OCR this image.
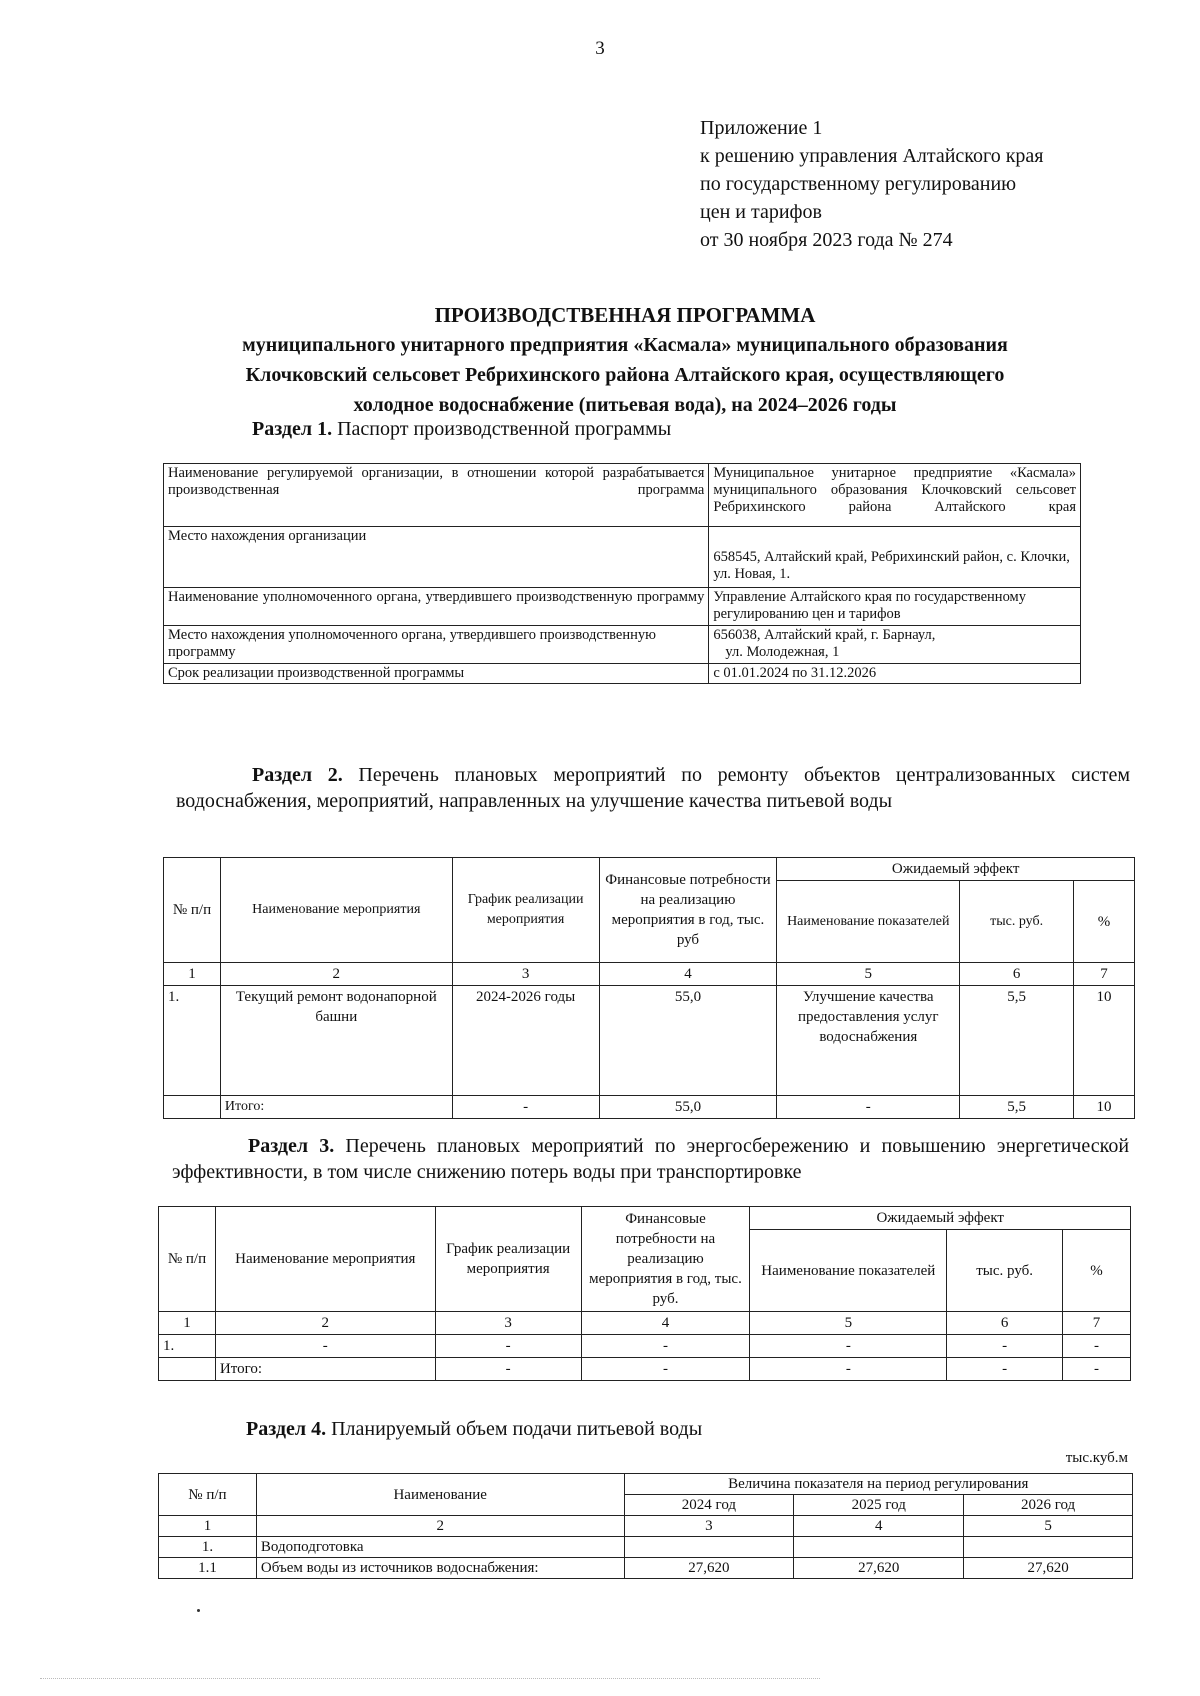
3
Приложение 1
к решению управления Алтайского края
по государственному регулированию
цен и тарифов
от 30 ноября 2023 года № 274
ПРОИЗВОДСТВЕННАЯ ПРОГРАММА
муниципального унитарного предприятия «Касмала» муниципального образования
Клочковский сельсовет Ребрихинского района Алтайского края, осуществляющего
холодное водоснабжение (питьевая вода), на 2024–2026 годы
Раздел 1. Паспорт производственной программы
Наименование регулируемой организации, в отношении которой разрабатывается производственная программа	Муниципальное унитарное предприятие «Касмала» муниципального образования Клочковский сельсовет Ребрихинского района Алтайского края
Место нахождения организации	658545, Алтайский край, Ребрихинский район, с. Клочки, ул. Новая, 1.
Наименование уполномоченного органа, утвердившего производственную программу	Управление Алтайского края по государственному регулированию цен и тарифов
Место нахождения уполномоченного органа, утвердившего производственную программу	656038, Алтайский край, г. Барнаул,
ул. Молодежная, 1

Срок реализации производственной программы	с 01.01.2024 по 31.12.2026
Раздел 2. Перечень плановых мероприятий по ремонту объектов централизованных систем водоснабжения, мероприятий, направленных на улучшение качества питьевой воды
№ п/п	Наименование мероприятия	График реализации мероприятия	Финансовые потребности на реализацию мероприятия в год, тыс. руб	Ожидаемый эффект		
				Наименование показателей	тыс. руб.	%
1	2	3	4	5	6	7
1.	Текущий ремонт водонапорной башни	2024-2026 годы	55,0	Улучшение качества предоставления услуг водоснабжения	5,5	10
	Итого:	-	55,0	-	5,5	10
Раздел 3. Перечень плановых мероприятий по энергосбережению и повышению энергетической эффективности, в том числе снижению потерь воды при транспортировке
№ п/п	Наименование мероприятия	График реализации мероприятия	Финансовые потребности на реализацию мероприятия в год, тыс. руб.	Ожидаемый эффект		
				Наименование показателей	тыс. руб.	%
1	2	3	4	5	6	7
1.	-	-	-	-	-	-
	Итого:	-	-	-	-	-
Раздел 4. Планируемый объем подачи питьевой воды
тыс.куб.м
№ п/п	Наименование	Величина показателя на период регулирования		
		2024 год	2025 год	2026 год
1	2	3	4	5
1.	Водоподготовка			
1.1	Объем воды из источников водоснабжения:	27,620	27,620	27,620
